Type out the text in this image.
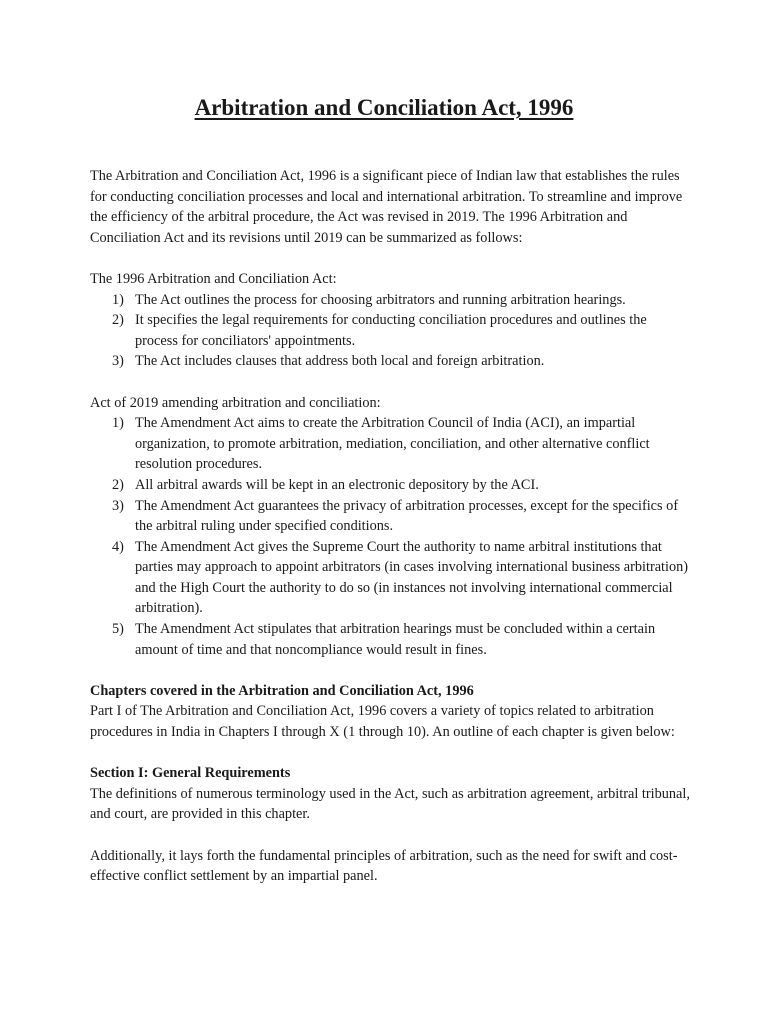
Arbitration and Conciliation Act, 1996

The Arbitration and Conciliation Act, 1996 is a significant piece of Indian law that establishes the rules for conducting conciliation processes and local and international arbitration. To streamline and improve the efficiency of the arbitral procedure, the Act was revised in 2019. The 1996 Arbitration and Conciliation Act and its revisions until 2019 can be summarized as follows:

The 1996 Arbitration and Conciliation Act:

1) The Act outlines the process for choosing arbitrators and running arbitration hearings.
2) It specifies the legal requirements for conducting conciliation procedures and outlines the process for conciliators' appointments.
3) The Act includes clauses that address both local and foreign arbitration.

Act of 2019 amending arbitration and conciliation:

1) The Amendment Act aims to create the Arbitration Council of India (ACI), an impartial organization, to promote arbitration, mediation, conciliation, and other alternative conflict resolution procedures.
2) All arbitral awards will be kept in an electronic depository by the ACI.
3) The Amendment Act guarantees the privacy of arbitration processes, except for the specifics of the arbitral ruling under specified conditions.
4) The Amendment Act gives the Supreme Court the authority to name arbitral institutions that parties may approach to appoint arbitrators (in cases involving international business arbitration) and the High Court the authority to do so (in instances not involving international commercial arbitration).
5) The Amendment Act stipulates that arbitration hearings must be concluded within a certain amount of time and that noncompliance would result in fines.

Chapters covered in the Arbitration and Conciliation Act, 1996

Part I of The Arbitration and Conciliation Act, 1996 covers a variety of topics related to arbitration procedures in India in Chapters I through X (1 through 10). An outline of each chapter is given below:

Section I: General Requirements

The definitions of numerous terminology used in the Act, such as arbitration agreement, arbitral tribunal, and court, are provided in this chapter.

Additionally, it lays forth the fundamental principles of arbitration, such as the need for swift and cost-effective conflict settlement by an impartial panel.
